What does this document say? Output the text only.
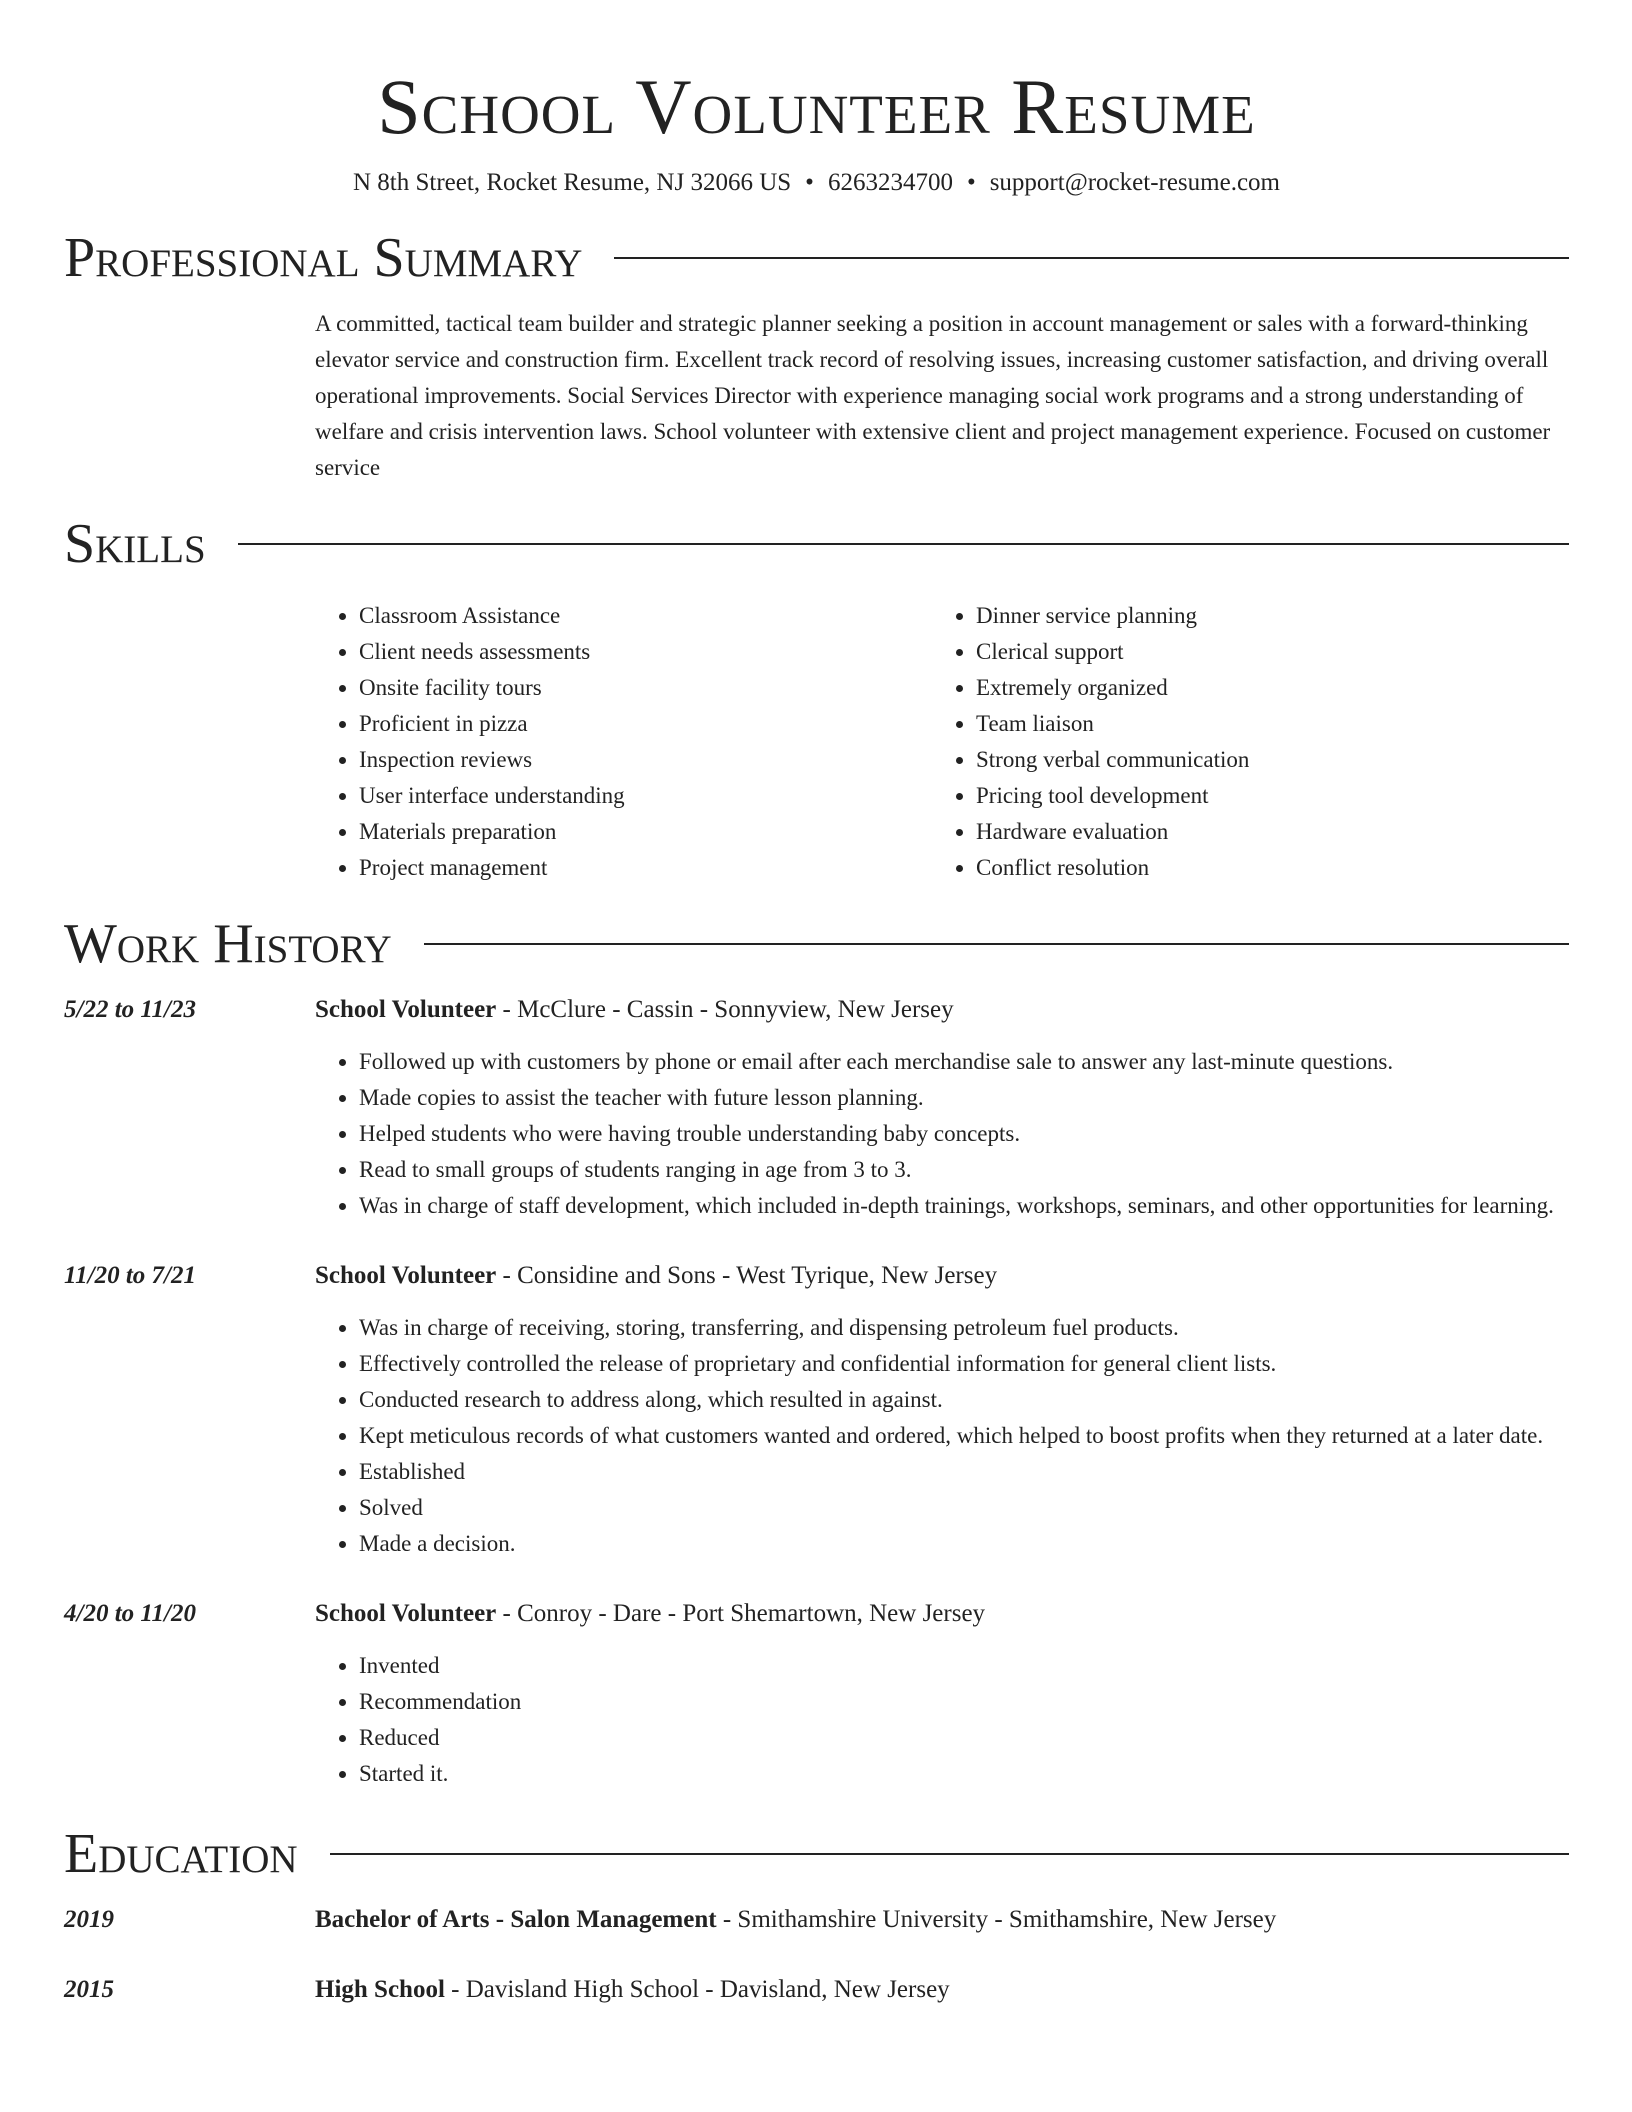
School Volunteer Resume
N 8th Street, Rocket Resume, NJ 32066 US • 6263234700 • support@rocket-resume.com
Professional Summary

A committed, tactical team builder and strategic planner seeking a position in account management or sales with a forward-thinking elevator service and construction firm. Excellent track record of resolving issues, increasing customer satisfaction, and driving overall operational improvements. Social Services Director with experience managing social work programs and a strong understanding of welfare and crisis intervention laws. School volunteer with extensive client and project management experience. Focused on customer service

Skills
• Classroom Assistance
• Client needs assessments
• Onsite facility tours
• Proficient in pizza
• Inspection reviews
• User interface understanding
• Materials preparation
• Project management
• Dinner service planning
• Clerical support
• Extremely organized
• Team liaison
• Strong verbal communication
• Pricing tool development
• Hardware evaluation
• Conflict resolution
Work History
5/22 to 11/23	School Volunteer - McClure - Cassin - Sonnyview, New Jersey
• Followed up with customers by phone or email after each merchandise sale to answer any last-minute questions.
• Made copies to assist the teacher with future lesson planning.
• Helped students who were having trouble understanding baby concepts.
• Read to small groups of students ranging in age from 3 to 3.
• Was in charge of staff development, which included in-depth trainings, workshops, seminars, and other opportunities for learning.
11/20 to 7/21	School Volunteer - Considine and Sons - West Tyrique, New Jersey
• Was in charge of receiving, storing, transferring, and dispensing petroleum fuel products.
• Effectively controlled the release of proprietary and confidential information for general client lists.
• Conducted research to address along, which resulted in against.
• Kept meticulous records of what customers wanted and ordered, which helped to boost profits when they returned at a later date.
• Established
• Solved
• Made a decision.
4/20 to 11/20	School Volunteer - Conroy - Dare - Port Shemartown, New Jersey
• Invented
• Recommendation
• Reduced
• Started it.
Education
2019	Bachelor of Arts - Salon Management - Smithamshire University - Smithamshire, New Jersey
2015	High School - Davisland High School - Davisland, New Jersey
